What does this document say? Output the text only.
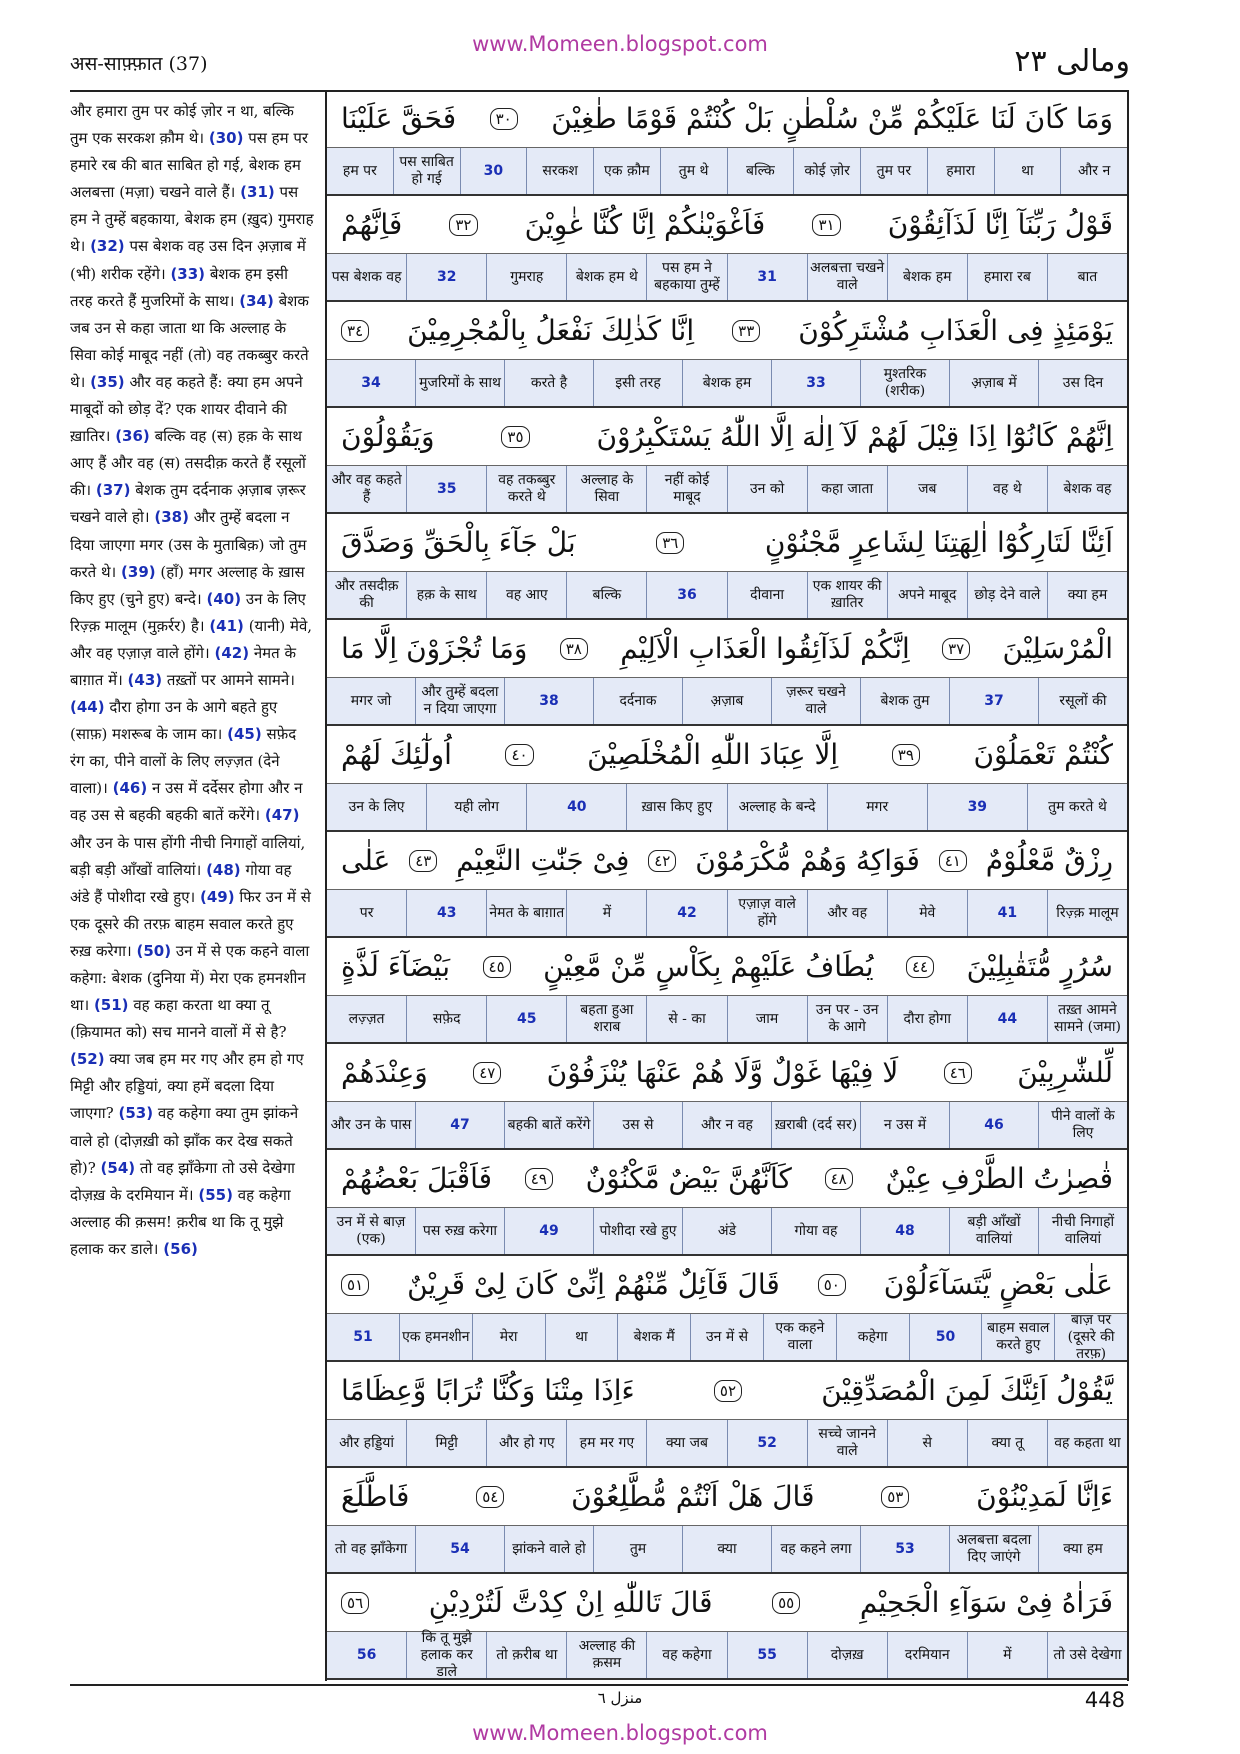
www.Momeen.blogspot.com
अस-साफ़्फ़ात (37)	ومالی ٢٣
और हमारा तुम पर कोई ज़ोर न था, बल्कि तुम एक सरकश क़ौम थे। (30) पस हम पर हमारे रब की बात साबित हो गई, बेशक हम अलबत्ता (मज़ा) चखने वाले हैं। (31) पस हम ने तुम्हें बहकाया, बेशक हम (ख़ुद) गुमराह थे। (32) पस बेशक वह उस दिन अ़ज़ाब में (भी) शरीक रहेंगे। (33) बेशक हम इसी तरह करते हैं मुजरिमों के साथ। (34) बेशक जब उन से कहा जाता था कि अल्लाह के सिवा कोई माबूद नहीं (तो) वह तकब्बुर करते थे। (35) और वह कहते हैं: क्या हम अपने माबूदों को छोड़ दें? एक शायर दीवाने की ख़ातिर। (36) बल्कि वह (स) हक़ के साथ आए हैं और वह (स) तसदीक़ करते हैं रसूलों की। (37) बेशक तुम दर्दनाक अ़ज़ाब ज़रूर चखने वाले हो। (38) और तुम्हें बदला न दिया जाएगा मगर (उस के मुताबिक़) जो तुम करते थे। (39) (हाँ) मगर अल्लाह के ख़ास किए हुए (चुने हुए) बन्दे। (40) उन के लिए रिज़्क़ मालूम (मुक़र्रर) है। (41) (यानी) मेवे, और वह एज़ाज़ वाले होंगे। (42) नेमत के बाग़ात में। (43) तख़्तों पर आमने सामने। (44) दौरा होगा उन के आगे बहते हुए (साफ़) मशरूब के जाम का। (45) सफ़ेद रंग का, पीने वालों के लिए लज़्ज़त (देने वाला)। (46) न उस में दर्देसर होगा और न वह उस से बहकी बहकी बातें करेंगे। (47) और उन के पास होंगी नीची निगाहों वालियां, बड़ी बड़ी आँखों वालियां। (48) गोया वह अंडे हैं पोशीदा रखे हुए। (49) फिर उन में से एक दूसरे की तरफ़ बाहम सवाल करते हुए रुख़ करेगा। (50) उन में से एक कहने वाला कहेगा: बेशक (दुनिया में) मेरा एक हमनशीन था। (51) वह कहा करता था क्या तू (क़ियामत को) सच मानने वालों में से है? (52) क्या जब हम मर गए और हम हो गए मिट्टी और हड्डियां, क्या हमें बदला दिया जाएगा? (53) वह कहेगा क्या तुम झांकने वाले हो (दोज़ख़ी को झाँक कर देख सकते हो)? (54) तो वह झाँकेगा तो उसे देखेगा दोज़ख़ के दरमियान में। (55) वह कहेगा अल्लाह की क़सम! क़रीब था कि तू मुझे हलाक कर डाले। (56)
وَمَا كَانَ لَنَا عَلَيْكُمْ مِّنْ سُلْطٰنٍ بَلْ كُنْتُمْ قَوْمًا طٰغِيْنَ
٣٠
فَحَقَّ عَلَيْنَا
और न
था
हमारा
तुम पर
कोई ज़ोर
बल्कि
तुम थे
एक क़ौम
सरकश
30
पस साबित हो गई
हम पर
قَوْلُ رَبِّنَآ اِنَّا لَذَآئِقُوْنَ
٣١
فَاَغْوَيْنٰكُمْ اِنَّا كُنَّا غٰوِيْنَ
٣٢
فَاِنَّهُمْ
बात
हमारा रब
बेशक हम
अलबत्ता चखने वाले
31
पस हम ने बहकाया तुम्हें
बेशक हम थे
गुमराह
32
पस बेशक वह
يَوْمَئِذٍ فِى الْعَذَابِ مُشْتَرِكُوْنَ
٣٣
اِنَّا كَذٰلِكَ نَفْعَلُ بِالْمُجْرِمِيْنَ
٣٤
उस दिन
अ़ज़ाब में
मुश्तरिक (शरीक)
33
बेशक हम
इसी तरह
करते है
मुजरिमों के साथ
34
اِنَّهُمْ كَانُوْٓا اِذَا قِيْلَ لَهُمْ لَآ اِلٰهَ اِلَّا اللّٰهُ يَسْتَكْبِرُوْنَ
٣٥
وَيَقُوْلُوْنَ
बेशक वह
वह थे
जब
कहा जाता
उन को
नहीं कोई माबूद
अल्लाह के सिवा
वह तकब्बुर करते थे
35
और वह कहते हैं
اَئِنَّا لَتَارِكُوْٓا اٰلِهَتِنَا لِشَاعِرٍ مَّجْنُوْنٍ
٣٦
بَلْ جَآءَ بِالْحَقِّ وَصَدَّقَ
क्या हम
छोड़ देने वाले
अपने माबूद
एक शायर की ख़ातिर
दीवाना
36
बल्कि
वह आए
हक़ के साथ
और तसदीक़ की
الْمُرْسَلِيْنَ
٣٧
اِنَّكُمْ لَذَآئِقُوا الْعَذَابِ الْاَلِيْمِ
٣٨
وَمَا تُجْزَوْنَ اِلَّا مَا
रसूलों की
37
बेशक तुम
ज़रूर चखने वाले
अ़ज़ाब
दर्दनाक
38
और तुम्हें बदला न दिया जाएगा
मगर जो
كُنْتُمْ تَعْمَلُوْنَ
٣٩
اِلَّا عِبَادَ اللّٰهِ الْمُخْلَصِيْنَ
٤٠
اُولٰٓئِكَ لَهُمْ
तुम करते थे
39
मगर
अल्लाह के बन्दे
ख़ास किए हुए
40
यही लोग
उन के लिए
رِزْقٌ مَّعْلُوْمٌ
٤١
فَوَاكِهُ وَهُمْ مُّكْرَمُوْنَ
٤٢
فِىْ جَنّٰتِ النَّعِيْمِ
٤٣
عَلٰى
रिज़्क़ मालूम
41
मेवे
और वह
एज़ाज़ वाले होंगे
42
में
नेमत के बाग़ात
43
पर
سُرُرٍ مُّتَقٰبِلِيْنَ
٤٤
يُطَافُ عَلَيْهِمْ بِكَاْسٍ مِّنْ مَّعِيْنٍ
٤٥
بَيْضَآءَ لَذَّةٍ
तख़्त आमने सामने (जमा)
44
दौरा होगा
उन पर - उन के आगे
जाम
से - का
बहता हुआ शराब
45
सफ़ेद
लज़्ज़त
لِّلشّٰرِبِيْنَ
٤٦
لَا فِيْهَا غَوْلٌ وَّلَا هُمْ عَنْهَا يُنْزَفُوْنَ
٤٧
وَعِنْدَهُمْ
पीने वालों के लिए
46
न उस में
ख़राबी (दर्द सर)
और न वह
उस से
बहकी बातें करेंगे
47
और उन के पास
قٰصِرٰتُ الطَّرْفِ عِيْنٌ
٤٨
كَاَنَّهُنَّ بَيْضٌ مَّكْنُوْنٌ
٤٩
فَاَقْبَلَ بَعْضُهُمْ
नीची निगाहों वालियां
बड़ी आँखों वालियां
48
गोया वह
अंडे
पोशीदा रखे हुए
49
पस रुख़ करेगा
उन में से बाज़ (एक)
عَلٰى بَعْضٍ يَّتَسَآءَلُوْنَ
٥٠
قَالَ قَآئِلٌ مِّنْهُمْ اِنِّىْ كَانَ لِىْ قَرِيْنٌ
٥١
बाज़ पर (दूसरे की तरफ़)
बाहम सवाल करते हुए
50
कहेगा
एक कहने वाला
उन में से
बेशक मैं
था
मेरा
एक हमनशीन
51
يَّقُوْلُ اَئِنَّكَ لَمِنَ الْمُصَدِّقِيْنَ
٥٢
ءَاِذَا مِتْنَا وَكُنَّا تُرَابًا وَّعِظَامًا
वह कहता था
क्या तू
से
सच्चे जानने वाले
52
क्या जब
हम मर गए
और हो गए
मिट्टी
और हड्डियां
ءَاِنَّا لَمَدِيْنُوْنَ
٥٣
قَالَ هَلْ اَنْتُمْ مُّطَّلِعُوْنَ
٥٤
فَاطَّلَعَ
क्या हम
अलबत्ता बदला दिए जाएंगे
53
वह कहने लगा
क्या
तुम
झांकने वाले हो
54
तो वह झाँकेगा
فَرَاٰهُ فِىْ سَوَآءِ الْجَحِيْمِ
٥٥
قَالَ تَاللّٰهِ اِنْ كِدْتَّ لَتُرْدِيْنِ
٥٦
तो उसे देखेगा
में
दरमियान
दोज़ख़
55
वह कहेगा
अल्लाह की क़सम
तो क़रीब था
कि तू मुझे हलाक कर डाले
56
منزل ٦	448
www.Momeen.blogspot.com
